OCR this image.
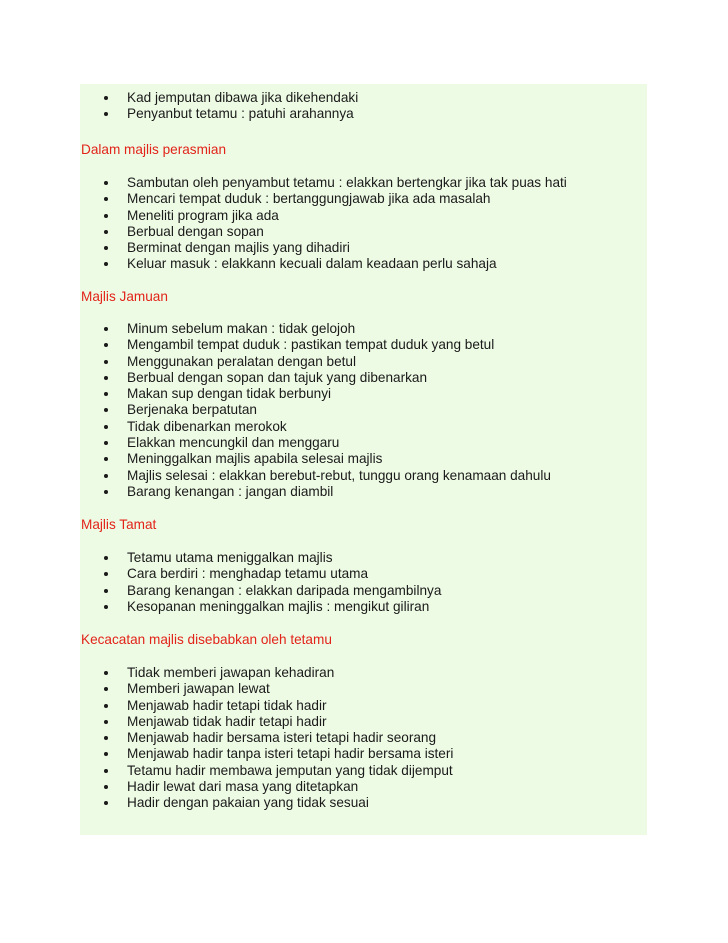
Kad jemputan dibawa jika dikehendaki
Penyanbut tetamu : patuhi arahannya
Dalam majlis perasmian
Sambutan oleh penyambut tetamu : elakkan bertengkar jika tak puas hati
Mencari tempat duduk : bertanggungjawab jika ada masalah
Meneliti program jika ada
Berbual dengan sopan
Berminat dengan majlis yang dihadiri
Keluar masuk : elakkann kecuali dalam keadaan perlu sahaja
Majlis Jamuan
Minum sebelum makan : tidak gelojoh
Mengambil tempat duduk : pastikan tempat duduk yang betul
Menggunakan peralatan dengan betul
Berbual dengan sopan dan tajuk yang dibenarkan
Makan sup dengan tidak berbunyi
Berjenaka berpatutan
Tidak dibenarkan merokok
Elakkan mencungkil dan menggaru
Meninggalkan majlis apabila selesai majlis
Majlis selesai : elakkan berebut-rebut, tunggu orang kenamaan dahulu
Barang kenangan : jangan diambil
Majlis Tamat
Tetamu utama meniggalkan majlis
Cara berdiri : menghadap tetamu utama
Barang kenangan : elakkan daripada mengambilnya
Kesopanan meninggalkan majlis : mengikut giliran
Kecacatan majlis disebabkan oleh tetamu
Tidak memberi jawapan kehadiran
Memberi jawapan lewat
Menjawab hadir tetapi tidak hadir
Menjawab tidak hadir tetapi hadir
Menjawab hadir bersama isteri tetapi hadir seorang
Menjawab hadir tanpa isteri tetapi hadir bersama isteri
Tetamu hadir membawa jemputan yang tidak dijemput
Hadir lewat dari masa yang ditetapkan
Hadir dengan pakaian yang tidak sesuai
